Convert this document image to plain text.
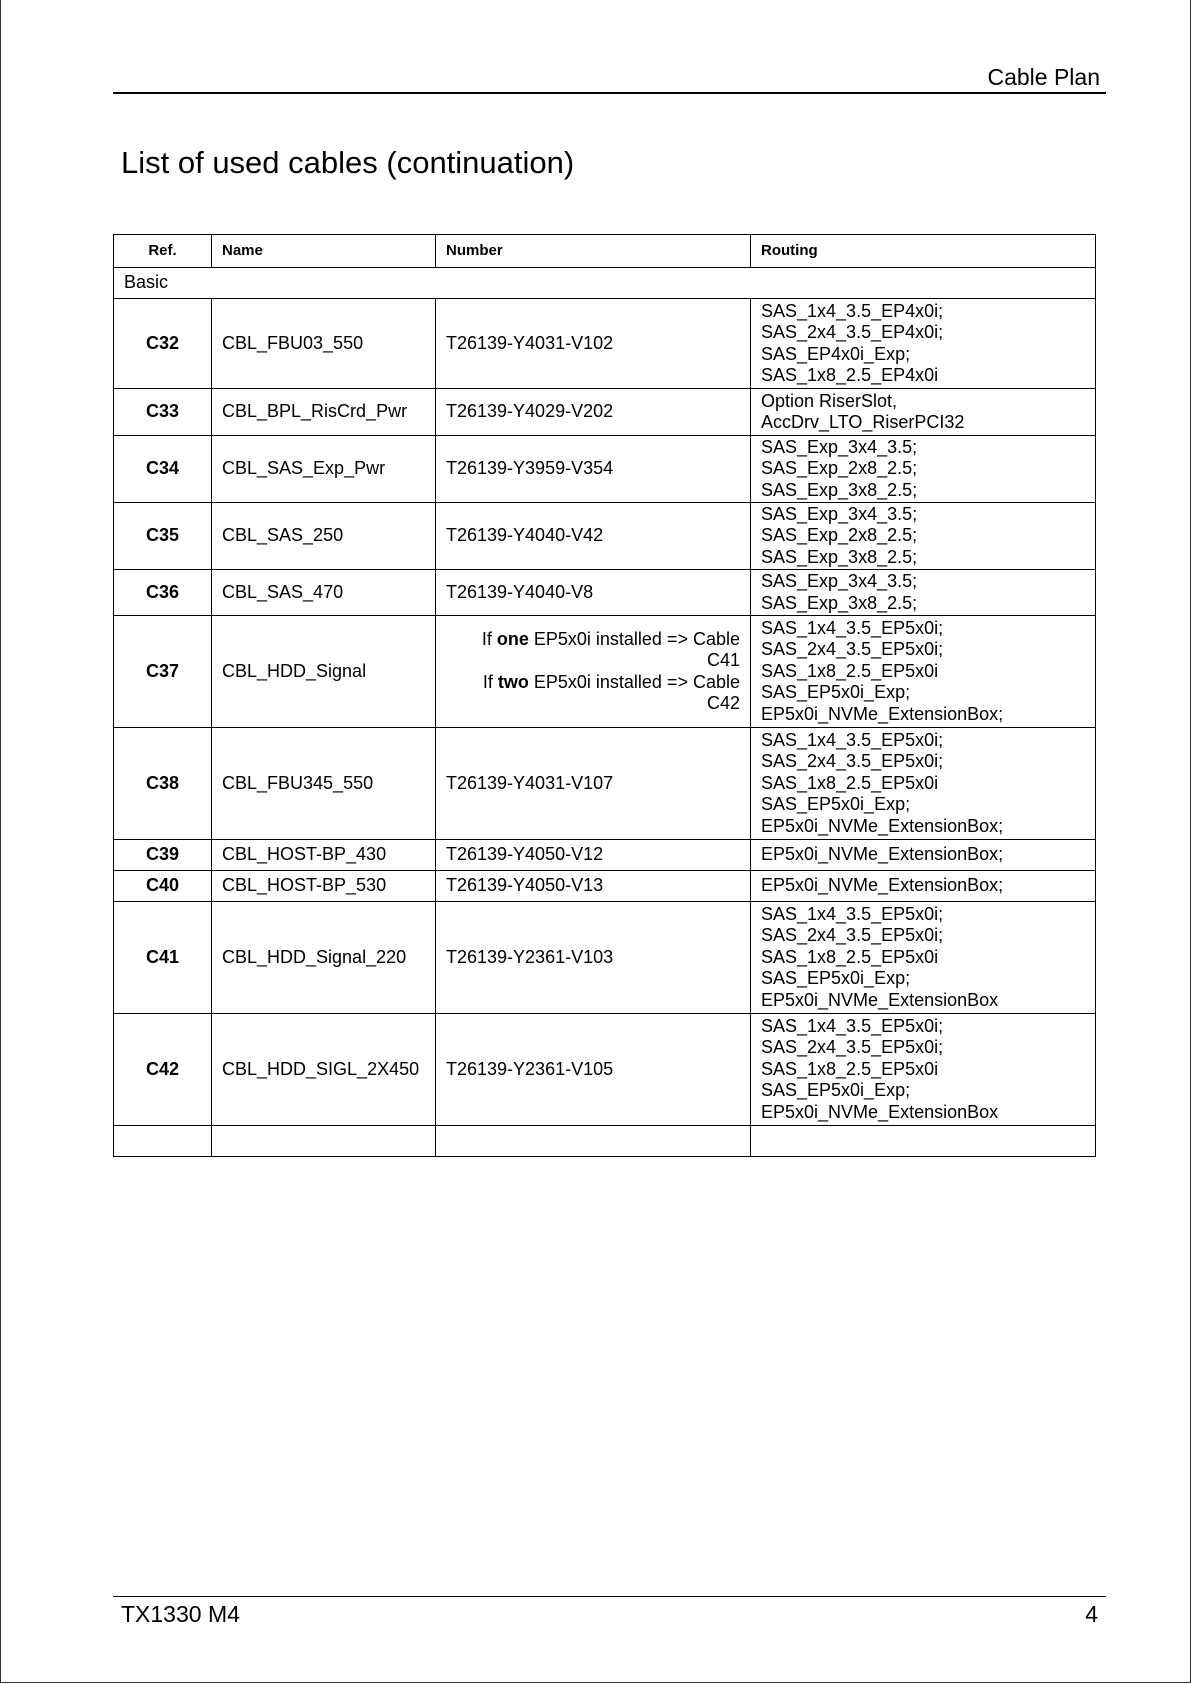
Cable Plan
List of used cables (continuation)
Ref.	Name	Number	Routing
Basic			
C32	CBL_FBU03_550	T26139-Y4031-V102	SAS_1x4_3.5_EP4x0i;
SAS_2x4_3.5_EP4x0i;
SAS_EP4x0i_Exp;
SAS_1x8_2.5_EP4x0i
C33	CBL_BPL_RisCrd_Pwr	T26139-Y4029-V202	Option RiserSlot,
AccDrv_LTO_RiserPCI32
C34	CBL_SAS_Exp_Pwr	T26139-Y3959-V354	SAS_Exp_3x4_3.5;
SAS_Exp_2x8_2.5;
SAS_Exp_3x8_2.5;
C35	CBL_SAS_250	T26139-Y4040-V42	SAS_Exp_3x4_3.5;
SAS_Exp_2x8_2.5;
SAS_Exp_3x8_2.5;
C36	CBL_SAS_470	T26139-Y4040-V8	SAS_Exp_3x4_3.5;
SAS_Exp_3x8_2.5;
C37	CBL_HDD_Signal	If one EP5x0i installed => Cable C41
If two EP5x0i installed => Cable C42	SAS_1x4_3.5_EP5x0i;
SAS_2x4_3.5_EP5x0i;
SAS_1x8_2.5_EP5x0i
SAS_EP5x0i_Exp;
EP5x0i_NVMe_ExtensionBox;
C38	CBL_FBU345_550	T26139-Y4031-V107	SAS_1x4_3.5_EP5x0i;
SAS_2x4_3.5_EP5x0i;
SAS_1x8_2.5_EP5x0i
SAS_EP5x0i_Exp;
EP5x0i_NVMe_ExtensionBox;
C39	CBL_HOST-BP_430	T26139-Y4050-V12	EP5x0i_NVMe_ExtensionBox;
C40	CBL_HOST-BP_530	T26139-Y4050-V13	EP5x0i_NVMe_ExtensionBox;
C41	CBL_HDD_Signal_220	T26139-Y2361-V103	SAS_1x4_3.5_EP5x0i;
SAS_2x4_3.5_EP5x0i;
SAS_1x8_2.5_EP5x0i
SAS_EP5x0i_Exp;
EP5x0i_NVMe_ExtensionBox
C42	CBL_HDD_SIGL_2X450	T26139-Y2361-V105	SAS_1x4_3.5_EP5x0i;
SAS_2x4_3.5_EP5x0i;
SAS_1x8_2.5_EP5x0i
SAS_EP5x0i_Exp;
EP5x0i_NVMe_ExtensionBox

TX1330 M4	4
